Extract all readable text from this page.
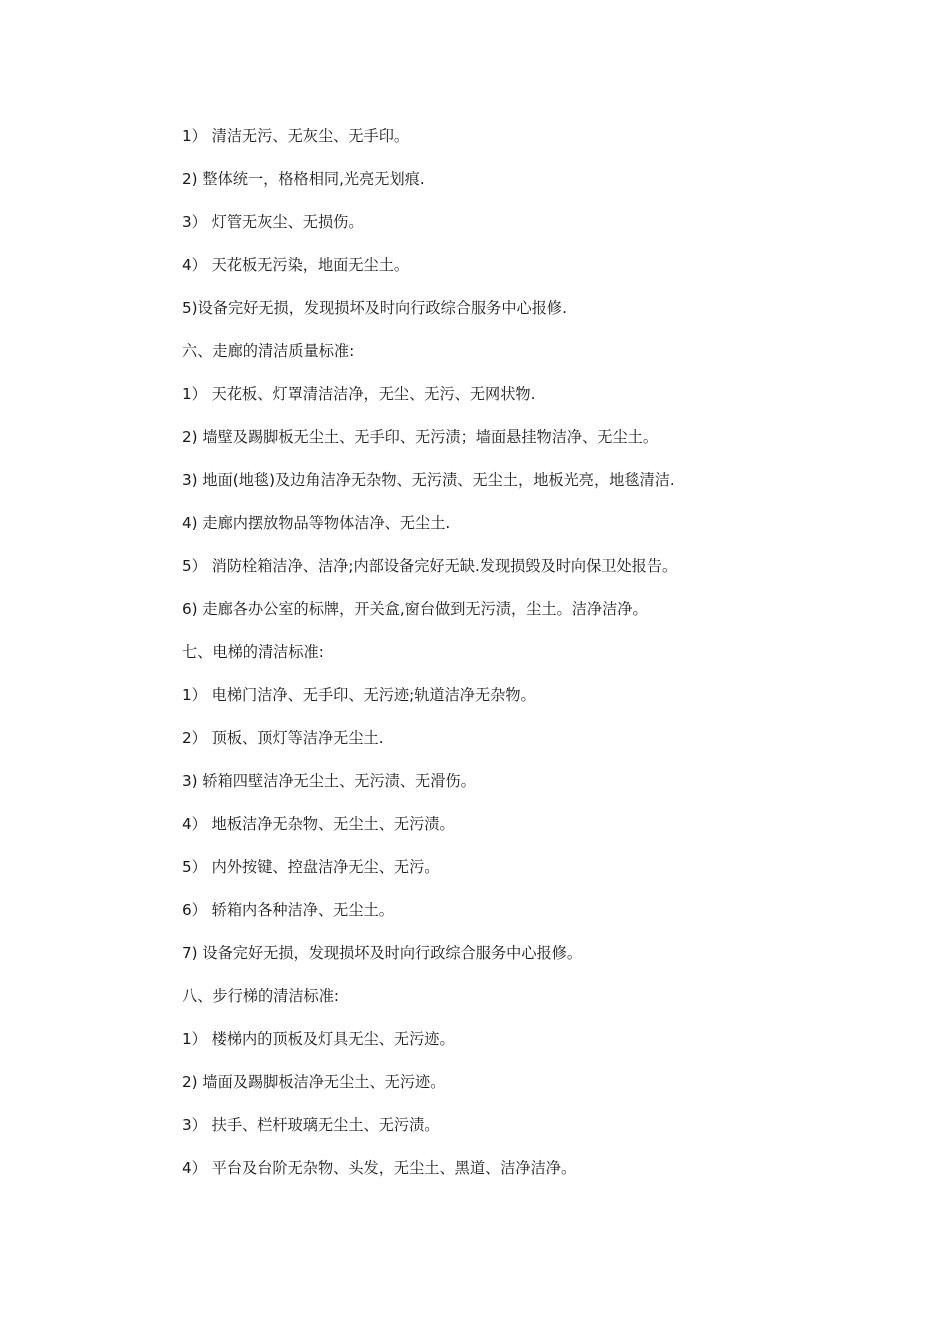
1） 清洁无污、无灰尘、无手印。
2) 整体统一，格格相同,光亮无划痕.
3） 灯管无灰尘、无损伤。
4） 天花板无污染，地面无尘土。
5)设备完好无损，发现损坏及时向行政综合服务中心报修.
六、走廊的清洁质量标准:
1） 天花板、灯罩清洁洁净，无尘、无污、无网状物.
2) 墙壁及踢脚板无尘土、无手印、无污渍；墙面悬挂物洁净、无尘土。
3) 地面(地毯)及边角洁净无杂物、无污渍、无尘土，地板光亮，地毯清洁.
4) 走廊内摆放物品等物体洁净、无尘土.
5） 消防栓箱洁净、洁净;内部设备完好无缺.发现损毁及时向保卫处报告。
6) 走廊各办公室的标牌，开关盒,窗台做到无污渍，尘土。洁净洁净。
七、电梯的清洁标准:
1） 电梯门洁净、无手印、无污迹;轨道洁净无杂物。
2） 顶板、顶灯等洁净无尘土.
3) 轿箱四壁洁净无尘土、无污渍、无滑伤。
4） 地板洁净无杂物、无尘土、无污渍。
5） 内外按键、控盘洁净无尘、无污。
6） 轿箱内各种洁净、无尘土。
7) 设备完好无损，发现损坏及时向行政综合服务中心报修。
八、步行梯的清洁标准:
1） 楼梯内的顶板及灯具无尘、无污迹。
2) 墙面及踢脚板洁净无尘土、无污迹。
3） 扶手、栏杆玻璃无尘土、无污渍。
4） 平台及台阶无杂物、头发，无尘土、黑道、洁净洁净。
